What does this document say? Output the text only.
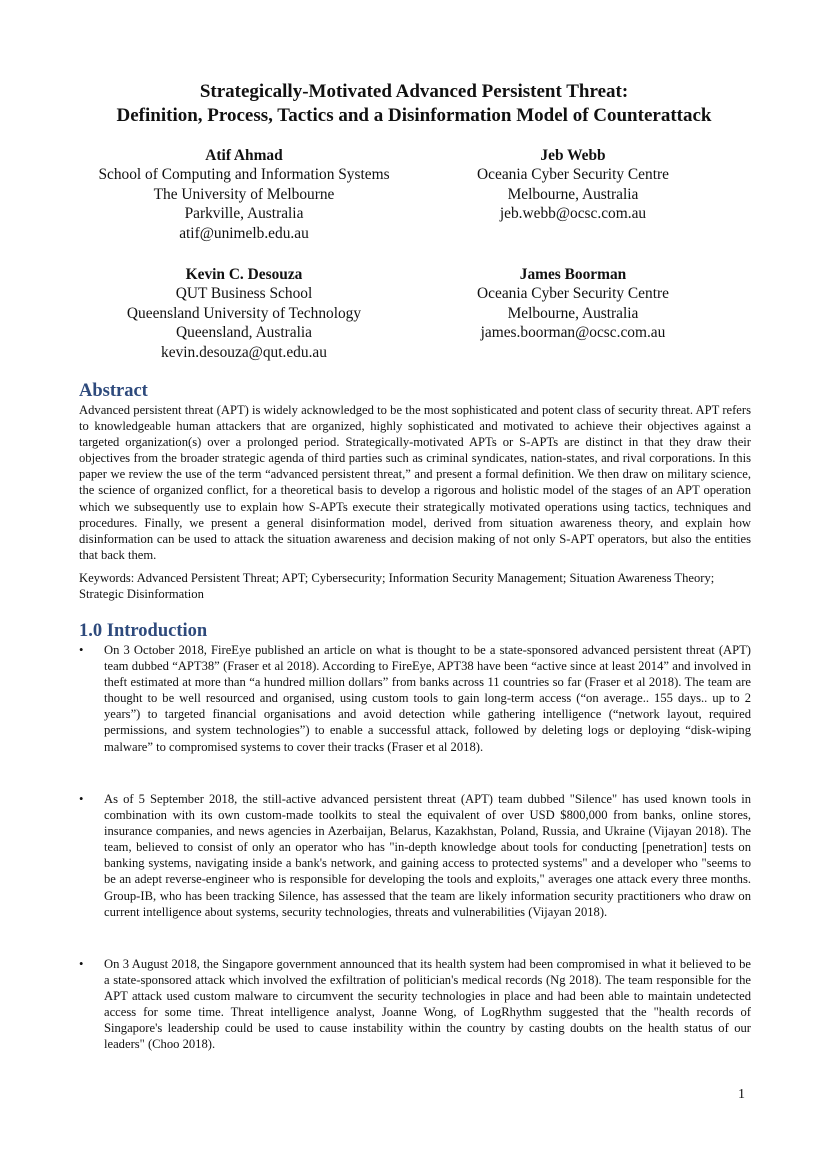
Strategically-Motivated Advanced Persistent Threat:
Definition, Process, Tactics and a Disinformation Model of Counterattack
Atif Ahmad
School of Computing and Information Systems
The University of Melbourne
Parkville, Australia
atif@unimelb.edu.au
Jeb Webb
Oceania Cyber Security Centre
Melbourne, Australia
jeb.webb@ocsc.com.au
Kevin C. Desouza
QUT Business School
Queensland University of Technology
Queensland, Australia
kevin.desouza@qut.edu.au
James Boorman
Oceania Cyber Security Centre
Melbourne, Australia
james.boorman@ocsc.com.au
Abstract
Advanced persistent threat (APT) is widely acknowledged to be the most sophisticated and potent class of security threat. APT refers to knowledgeable human attackers that are organized, highly sophisticated and motivated to achieve their objectives against a targeted organization(s) over a prolonged period. Strategically-motivated APTs or S-APTs are distinct in that they draw their objectives from the broader strategic agenda of third parties such as criminal syndicates, nation-states, and rival corporations. In this paper we review the use of the term “advanced persistent threat,” and present a formal definition. We then draw on military science, the science of organized conflict, for a theoretical basis to develop a rigorous and holistic model of the stages of an APT operation which we subsequently use to explain how S-APTs execute their strategically motivated operations using tactics, techniques and procedures. Finally, we present a general disinformation model, derived from situation awareness theory, and explain how disinformation can be used to attack the situation awareness and decision making of not only S-APT operators, but also the entities that back them.
Keywords: Advanced Persistent Threat; APT; Cybersecurity; Information Security Management; Situation Awareness Theory; Strategic Disinformation
1.0 Introduction
• On 3 October 2018, FireEye published an article on what is thought to be a state-sponsored advanced persistent threat (APT) team dubbed “APT38” (Fraser et al 2018). According to FireEye, APT38 have been “active since at least 2014” and involved in theft estimated at more than “a hundred million dollars” from banks across 11 countries so far (Fraser et al 2018). The team are thought to be well resourced and organised, using custom tools to gain long-term access (“on average.. 155 days.. up to 2 years”) to targeted financial organisations and avoid detection while gathering intelligence (“network layout, required permissions, and system technologies”) to enable a successful attack, followed by deleting logs or deploying “disk-wiping malware” to compromised systems to cover their tracks (Fraser et al 2018).
• As of 5 September 2018, the still-active advanced persistent threat (APT) team dubbed "Silence" has used known tools in combination with its own custom-made toolkits to steal the equivalent of over USD $800,000 from banks, online stores, insurance companies, and news agencies in Azerbaijan, Belarus, Kazakhstan, Poland, Russia, and Ukraine (Vijayan 2018). The team, believed to consist of only an operator who has "in-depth knowledge about tools for conducting [penetration] tests on banking systems, navigating inside a bank's network, and gaining access to protected systems" and a developer who "seems to be an adept reverse-engineer who is responsible for developing the tools and exploits," averages one attack every three months. Group-IB, who has been tracking Silence, has assessed that the team are likely information security practitioners who draw on current intelligence about systems, security technologies, threats and vulnerabilities (Vijayan 2018).
• On 3 August 2018, the Singapore government announced that its health system had been compromised in what it believed to be a state-sponsored attack which involved the exfiltration of politician's medical records (Ng 2018). The team responsible for the APT attack used custom malware to circumvent the security technologies in place and had been able to maintain undetected access for some time. Threat intelligence analyst, Joanne Wong, of LogRhythm suggested that the "health records of Singapore's leadership could be used to cause instability within the country by casting doubts on the health status of our leaders" (Choo 2018).
1
